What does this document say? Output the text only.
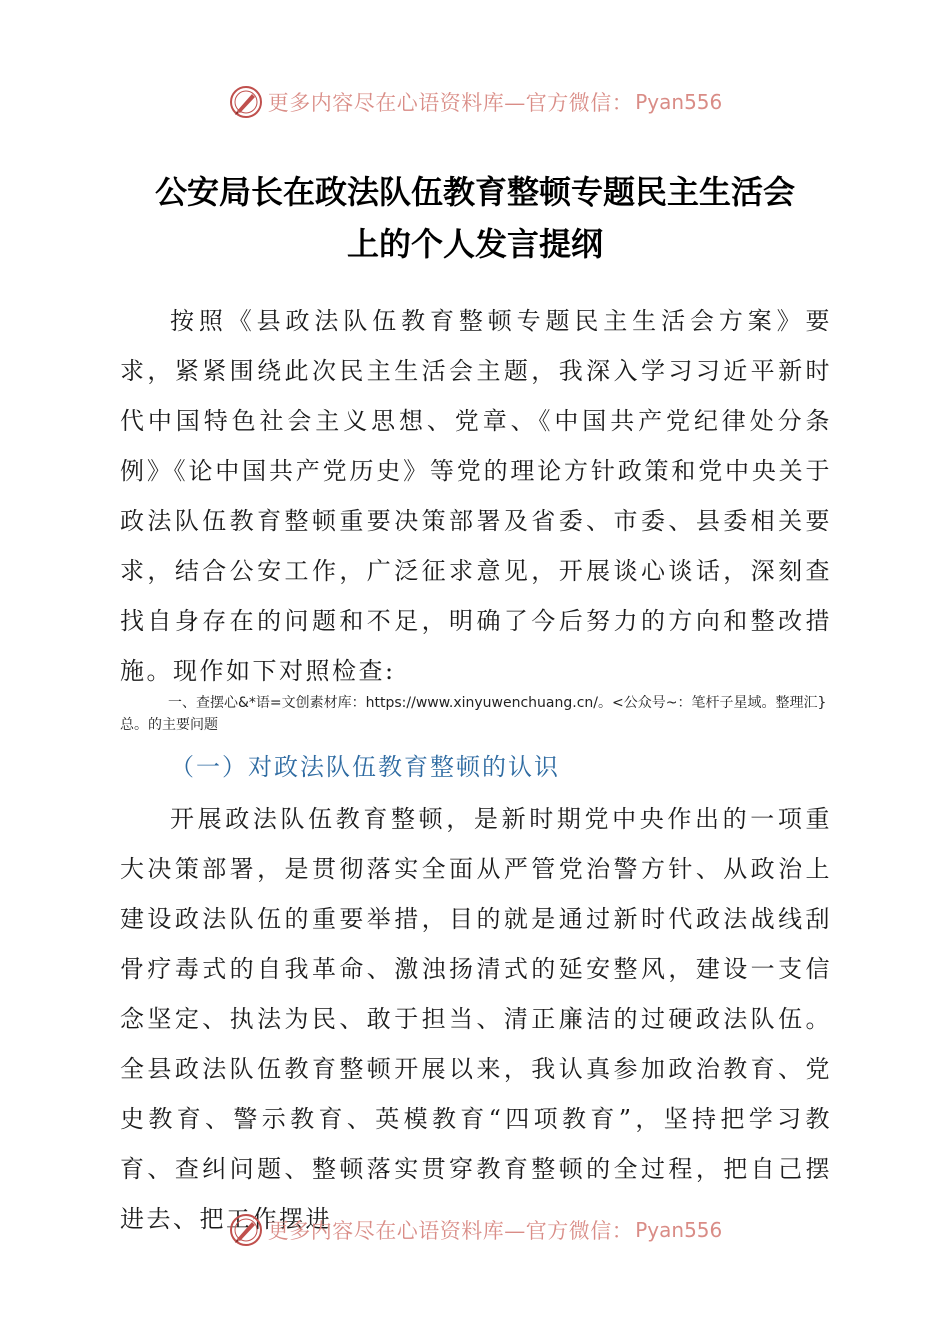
更多内容尽在心语资料库—官方微信： Pyan556
公安局长在政法队伍教育整顿专题民主生活会
上的个人发言提纲

按照《县政法队伍教育整顿专题民主生活会方案》要求，紧紧围绕此次民主生活会主题，我深入学习习近平新时代中国特色社会主义思想、党章、《中国共产党纪律处分条例》《论中国共产党历史》等党的理论方针政策和党中央关于政法队伍教育整顿重要决策部署及省委、市委、县委相关要求，结合公安工作，广泛征求意见，开展谈心谈话，深刻查找自身存在的问题和不足，明确了今后努力的方向和整改措施。现作如下对照检查:

一、查摆心&*语=文创素材库：https://www.xinyuwenchuang.cn/。<公众号~：笔杆子星域。整理汇}总。的主要问题

（一）对政法队伍教育整顿的认识

开展政法队伍教育整顿，是新时期党中央作出的一项重大决策部署，是贯彻落实全面从严管党治警方针、从政治上建设政法队伍的重要举措，目的就是通过新时代政法战线刮骨疗毒式的自我革命、激浊扬清式的延安整风，建设一支信念坚定、执法为民、敢于担当、清正廉洁的过硬政法队伍。全县政法队伍教育整顿开展以来，我认真参加政治教育、党史教育、警示教育、英模教育“四项教育”，坚持把学习教育、查纠问题、整顿落实贯穿教育整顿的全过程，把自己摆进去、把工作摆进

更多内容尽在心语资料库—官方微信： Pyan556
